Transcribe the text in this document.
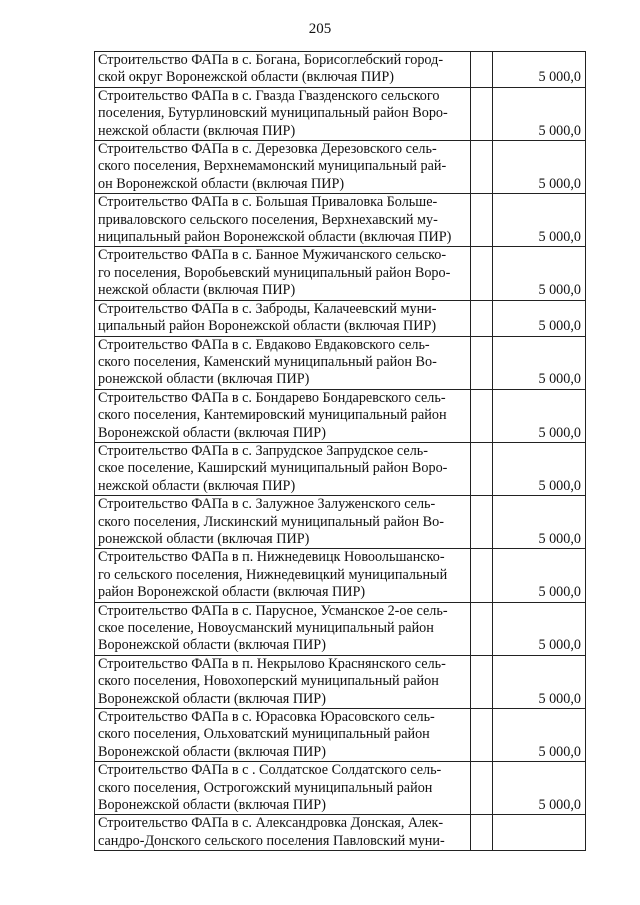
205
Строительство ФАПа в с. Богана, Борисоглебский город-
ской округ Воронежской области (включая ПИР)		5 000,0

Строительство ФАПа в с. Гвазда Гвазденского сельского
поселения, Бутурлиновский муниципальный район Воро-
нежской области (включая ПИР)		5 000,0

Строительство ФАПа в с. Дерезовка Дерезовского сель-
ского поселения, Верхнемамонский муниципальный рай-
он Воронежской области (включая ПИР)		5 000,0

Строительство ФАПа в с. Большая Приваловка Больше-
приваловского сельского поселения, Верхнехавский му-
ниципальный район Воронежской области (включая ПИР)		5 000,0

Строительство ФАПа в с. Банное Мужичанского сельско-
го поселения, Воробьевский муниципальный район Воро-
нежской области (включая ПИР)		5 000,0

Строительство ФАПа в с. Заброды, Калачеевский муни-
ципальный район Воронежской области (включая ПИР)		5 000,0

Строительство ФАПа в с. Евдаково Евдаковского сель-
ского поселения, Каменский муниципальный район Во-
ронежской области (включая ПИР)		5 000,0

Строительство ФАПа в с. Бондарево Бондаревского сель-
ского поселения, Кантемировский муниципальный район
Воронежской области (включая ПИР)		5 000,0

Строительство ФАПа в с. Запрудское Запрудское сель-
ское поселение, Каширский муниципальный район Воро-
нежской области (включая ПИР)		5 000,0

Строительство ФАПа в с. Залужное Залуженского сель-
ского поселения, Лискинский муниципальный район Во-
ронежской области (включая ПИР)		5 000,0

Строительство ФАПа в п. Нижнедевицк Новоольшанско-
го сельского поселения, Нижнедевицкий муниципальный
район Воронежской области (включая ПИР)		5 000,0

Строительство ФАПа в с. Парусное, Усманское 2-ое сель-
ское поселение, Новоусманский муниципальный район
Воронежской области (включая ПИР)		5 000,0

Строительство ФАПа в п. Некрылово Краснянского сель-
ского поселения, Новохоперский муниципальный район
Воронежской области (включая ПИР)		5 000,0

Строительство ФАПа в с. Юрасовка Юрасовского сель-
ского поселения, Ольховатский муниципальный район
Воронежской области (включая ПИР)		5 000,0

Строительство ФАПа в с . Солдатское Солдатского сель-
ского поселения, Острогожский муниципальный район
Воронежской области (включая ПИР)		5 000,0

Строительство ФАПа в с. Александровка Донская, Алек-
сандро-Донского сельского поселения Павловский муни-		
